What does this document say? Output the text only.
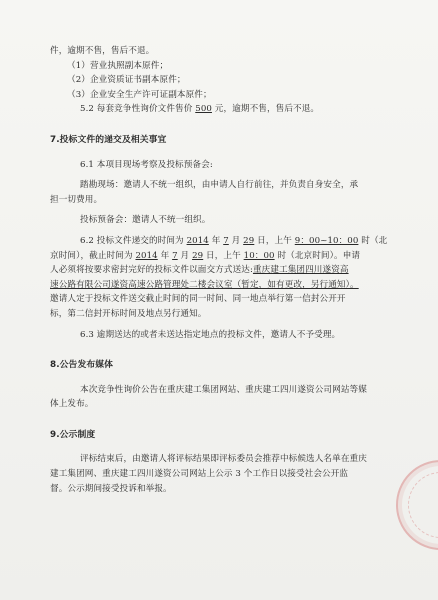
件，逾期不售，售后不退。
（1）营业执照副本原件；
（2）企业资质证书副本原件；
（3）企业安全生产许可证副本原件；
5.2 每套竞争性询价文件售价 500 元，逾期不售，售后不退。
7.投标文件的递交及相关事宜
6.1 本项目现场考察及投标预备会:
踏勘现场：邀请人不统一组织，由申请人自行前往，并负责自身安全，承
担一切费用。
投标预备会：邀请人不统一组织。
6.2 投标文件递交的时间为 2014 年 7 月 29 日，上午 9：00~10：00 时（北
京时间），截止时间为 2014 年 7 月 29 日，上午 10：00 时（北京时间）。申请
人必须将按要求密封完好的投标文件以面交方式送达:重庆建工集团四川遂资高
速公路有限公司遂资高速公路管理处二楼会议室（暂定，如有更改，另行通知）。
邀请人定于投标文件送交截止时间的同一时间、同一地点举行第一信封公开开
标，第二信封开标时间及地点另行通知。
6.3 逾期送达的或者未送达指定地点的投标文件，邀请人不予受理。
8.公告发布媒体
本次竞争性询价公告在重庆建工集团网站、重庆建工四川遂资公司网站等媒
体上发布。
9.公示制度
评标结束后，由邀请人将评标结果即评标委员会推荐中标候选人名单在重庆
建工集团网、重庆建工四川遂资公司网站上公示 3 个工作日以接受社会公开监
督。公示期间接受投诉和举报。
